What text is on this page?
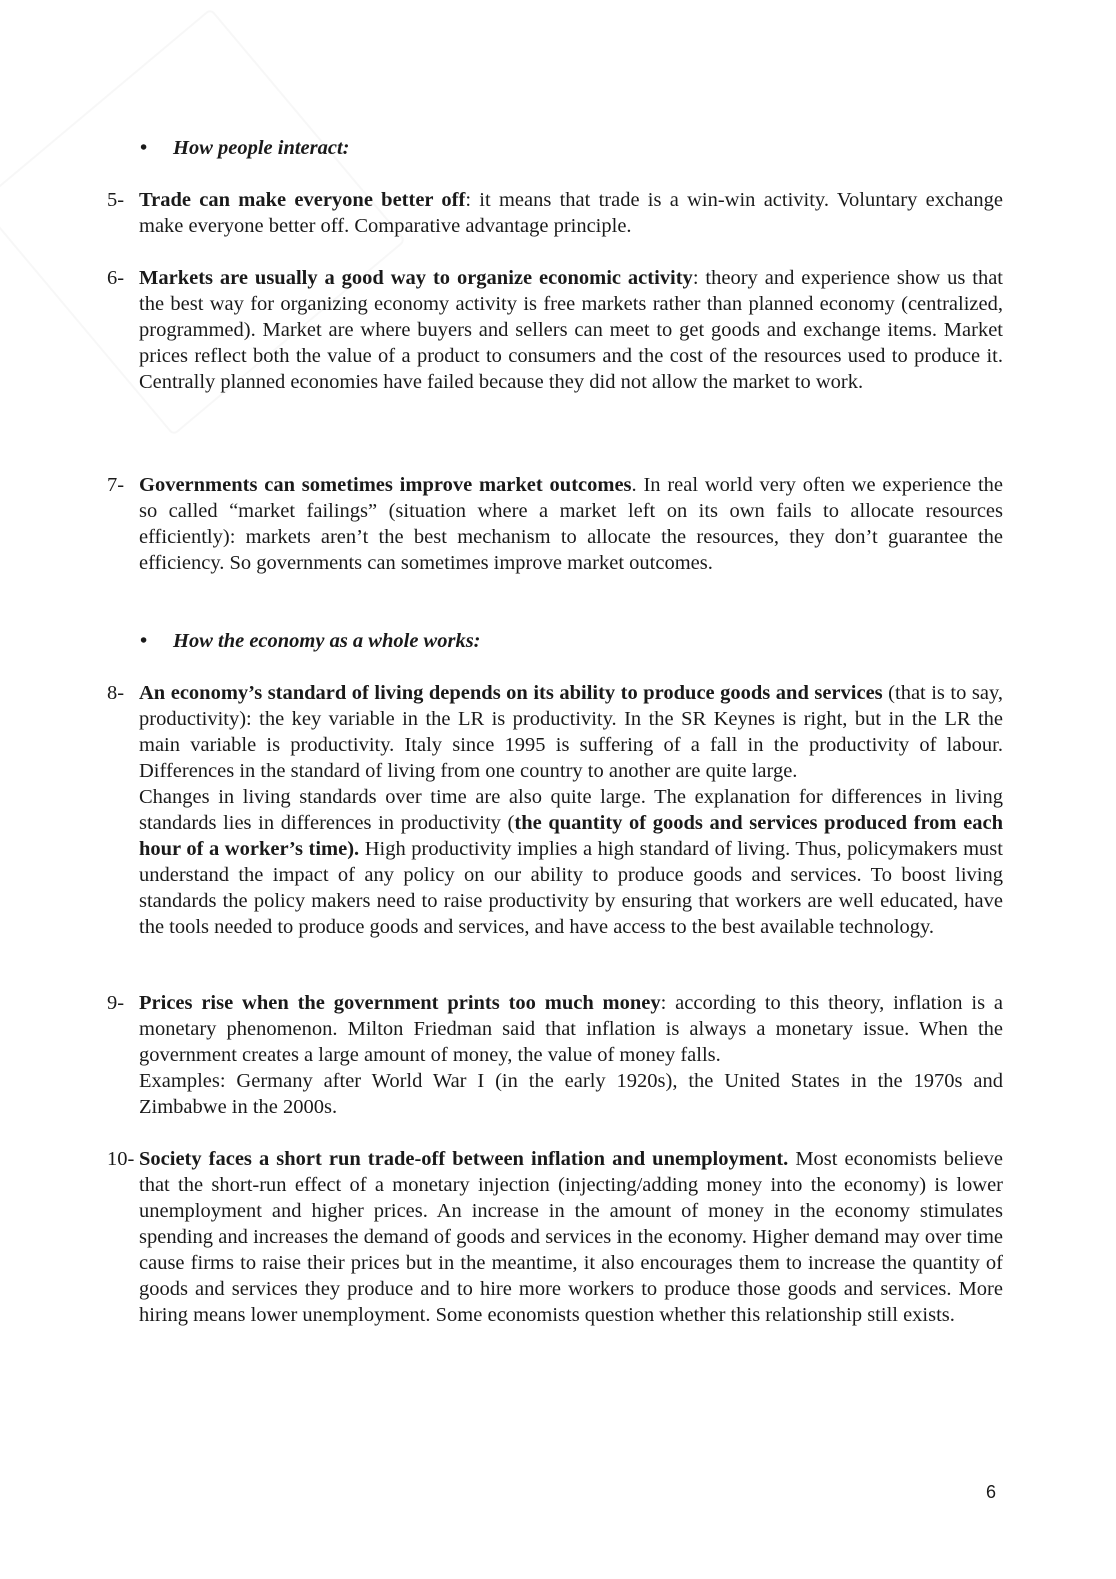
• How people interact:
5- Trade can make everyone better off: it means that trade is a win-win activity. Voluntary exchange make everyone better off. Comparative advantage principle.

6- Markets are usually a good way to organize economic activity: theory and experience show us that the best way for organizing economy activity is free markets rather than planned economy (centralized, programmed). Market are where buyers and sellers can meet to get goods and exchange items. Market prices reflect both the value of a product to consumers and the cost of the resources used to produce it. Centrally planned economies have failed because they did not allow the market to work.

7- Governments can sometimes improve market outcomes. In real world very often we experience the so called “market failings” (situation where a market left on its own fails to allocate resources efficiently): markets aren’t the best mechanism to allocate the resources, they don’t guarantee the efficiency. So governments can sometimes improve market outcomes.

• How the economy as a whole works:
8- An economy’s standard of living depends on its ability to produce goods and services (that is to say, productivity): the key variable in the LR is productivity. In the SR Keynes is right, but in the LR the main variable is productivity. Italy since 1995 is suffering of a fall in the productivity of labour. Differences in the standard of living from one country to another are quite large.

Changes in living standards over time are also quite large. The explanation for differences in living standards lies in differences in productivity (the quantity of goods and services produced from each hour of a worker’s time). High productivity implies a high standard of living. Thus, policymakers must understand the impact of any policy on our ability to produce goods and services. To boost living standards the policy makers need to raise productivity by ensuring that workers are well educated, have the tools needed to produce goods and services, and have access to the best available technology.

9- Prices rise when the government prints too much money: according to this theory, inflation is a monetary phenomenon. Milton Friedman said that inflation is always a monetary issue. When the government creates a large amount of money, the value of money falls.

Examples: Germany after World War I (in the early 1920s), the United States in the 1970s and Zimbabwe in the 2000s.

10- Society faces a short run trade-off between inflation and unemployment. Most economists believe that the short-run effect of a monetary injection (injecting/adding money into the economy) is lower unemployment and higher prices. An increase in the amount of money in the economy stimulates spending and increases the demand of goods and services in the economy. Higher demand may over time cause firms to raise their prices but in the meantime, it also encourages them to increase the quantity of goods and services they produce and to hire more workers to produce those goods and services. More hiring means lower unemployment. Some economists question whether this relationship still exists.

6
